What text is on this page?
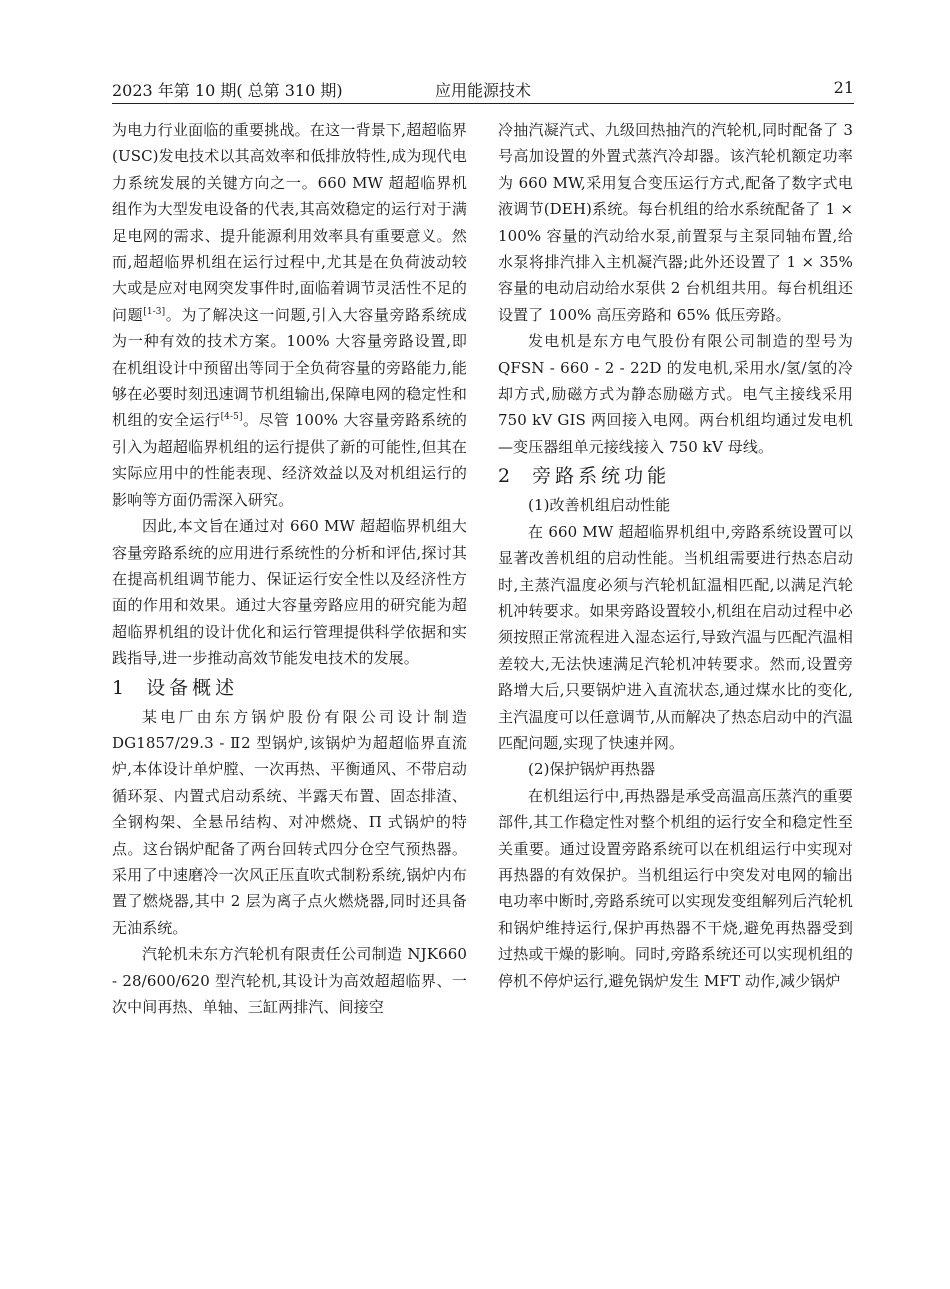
2023 年第 10 期( 总第 310 期)	应用能源技术	21

为电力行业面临的重要挑战。在这一背景下,超超临界(USC)发电技术以其高效率和低排放特性,成为现代电力系统发展的关键方向之一。660 MW 超超临界机组作为大型发电设备的代表,其高效稳定的运行对于满足电网的需求、提升能源利用效率具有重要意义。然而,超超临界机组在运行过程中,尤其是在负荷波动较大或是应对电网突发事件时,面临着调节灵活性不足的问题[1-3]。为了解决这一问题,引入大容量旁路系统成为一种有效的技术方案。100% 大容量旁路设置,即在机组设计中预留出等同于全负荷容量的旁路能力,能够在必要时刻迅速调节机组输出,保障电网的稳定性和机组的安全运行[4-5]。尽管 100% 大容量旁路系统的引入为超超临界机组的运行提供了新的可能性,但其在实际应用中的性能表现、经济效益以及对机组运行的影响等方面仍需深入研究。

因此,本文旨在通过对 660 MW 超超临界机组大容量旁路系统的应用进行系统性的分析和评估,探讨其在提高机组调节能力、保证运行安全性以及经济性方面的作用和效果。通过大容量旁路应用的研究能为超超临界机组的设计优化和运行管理提供科学依据和实践指导,进一步推动高效节能发电技术的发展。

1 设备概述

某电厂由东方锅炉股份有限公司设计制造 DG1857/29.3 - Ⅱ2 型锅炉,该锅炉为超超临界直流炉,本体设计单炉膛、一次再热、平衡通风、不带启动循环泵、内置式启动系统、半露天布置、固态排渣、全钢构架、全悬吊结构、对冲燃烧、Π 式锅炉的特点。这台锅炉配备了两台回转式四分仓空气预热器。采用了中速磨冷一次风正压直吹式制粉系统,锅炉内布置了燃烧器,其中 2 层为离子点火燃烧器,同时还具备无油系统。

汽轮机未东方汽轮机有限责任公司制造 NJK660 - 28/600/620 型汽轮机,其设计为高效超超临界、一次中间再热、单轴、三缸两排汽、间接空

冷抽汽凝汽式、九级回热抽汽的汽轮机,同时配备了 3 号高加设置的外置式蒸汽冷却器。该汽轮机额定功率为 660 MW,采用复合变压运行方式,配备了数字式电液调节(DEH)系统。每台机组的给水系统配备了 1 × 100% 容量的汽动给水泵,前置泵与主泵同轴布置,给水泵将排汽排入主机凝汽器;此外还设置了 1 × 35% 容量的电动启动给水泵供 2 台机组共用。每台机组还设置了 100% 高压旁路和 65% 低压旁路。

发电机是东方电气股份有限公司制造的型号为 QFSN - 660 - 2 - 22D 的发电机,采用水/氢/氢的冷却方式,励磁方式为静态励磁方式。电气主接线采用 750 kV GIS 两回接入电网。两台机组均通过发电机—变压器组单元接线接入 750 kV 母线。

2 旁路系统功能

(1)改善机组启动性能

在 660 MW 超超临界机组中,旁路系统设置可以显著改善机组的启动性能。当机组需要进行热态启动时,主蒸汽温度必须与汽轮机缸温相匹配,以满足汽轮机冲转要求。如果旁路设置较小,机组在启动过程中必须按照正常流程进入湿态运行,导致汽温与匹配汽温相差较大,无法快速满足汽轮机冲转要求。然而,设置旁路增大后,只要锅炉进入直流状态,通过煤水比的变化,主汽温度可以任意调节,从而解决了热态启动中的汽温匹配问题,实现了快速并网。

(2)保护锅炉再热器

在机组运行中,再热器是承受高温高压蒸汽的重要部件,其工作稳定性对整个机组的运行安全和稳定性至关重要。通过设置旁路系统可以在机组运行中实现对再热器的有效保护。当机组运行中突发对电网的输出电功率中断时,旁路系统可以实现发变组解列后汽轮机和锅炉维持运行,保护再热器不干烧,避免再热器受到过热或干燥的影响。同时,旁路系统还可以实现机组的停机不停炉运行,避免锅炉发生 MFT 动作,减少锅炉
